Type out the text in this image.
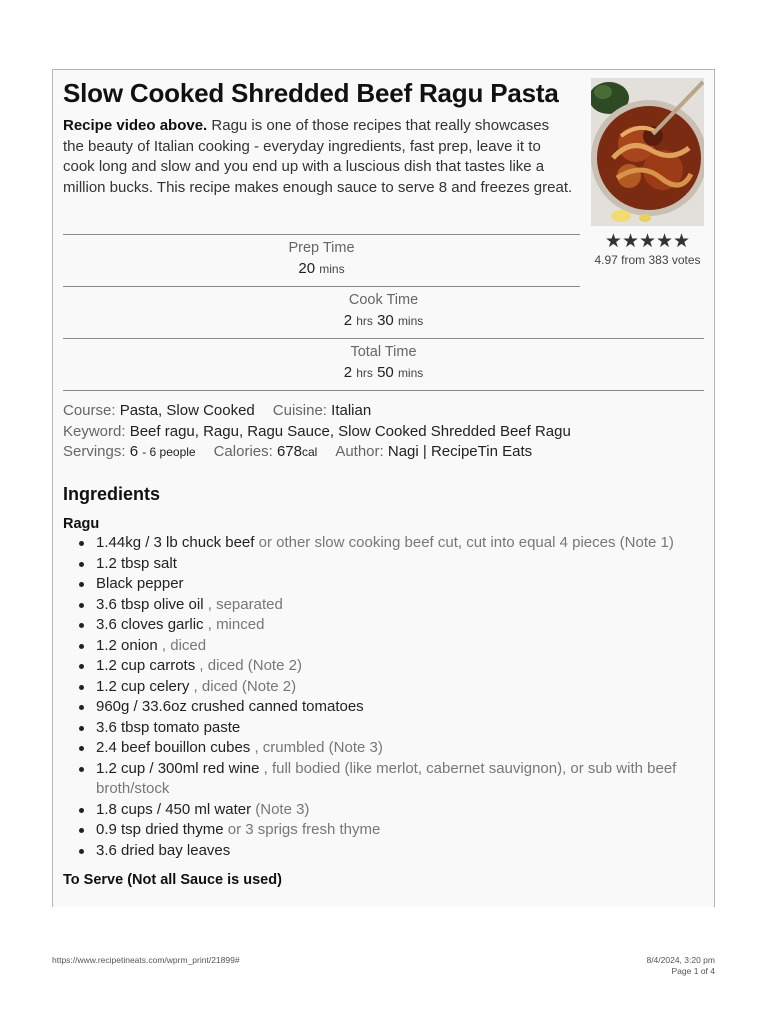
Slow Cooked Shredded Beef Ragu Pasta
Recipe video above. Ragu is one of those recipes that really showcases the beauty of Italian cooking - everyday ingredients, fast prep, leave it to cook long and slow and you end up with a luscious dish that tastes like a million bucks. This recipe makes enough sauce to serve 8 and freezes great.
★★★★★
4.97 from 383 votes
Prep Time
20 mins
Cook Time
2 hrs 30 mins
Total Time
2 hrs 50 mins
Course: Pasta, Slow Cooked Cuisine: Italian
Keyword: Beef ragu, Ragu, Ragu Sauce, Slow Cooked Shredded Beef Ragu
Servings: 6 - 6 people Calories: 678cal Author: Nagi | RecipeTin Eats
Ingredients
Ragu
1.44kg / 3 lb chuck beef or other slow cooking beef cut, cut into equal 4 pieces (Note 1)
1.2 tbsp salt
Black pepper
3.6 tbsp olive oil , separated
3.6 cloves garlic , minced
1.2 onion , diced
1.2 cup carrots , diced (Note 2)
1.2 cup celery , diced (Note 2)
960g / 33.6oz crushed canned tomatoes
3.6 tbsp tomato paste
2.4 beef bouillon cubes , crumbled (Note 3)
1.2 cup / 300ml red wine , full bodied (like merlot, cabernet sauvignon), or sub with beef broth/stock
1.8 cups / 450 ml water (Note 3)
0.9 tsp dried thyme or 3 sprigs fresh thyme
3.6 dried bay leaves
To Serve (Not all Sauce is used)
https://www.recipetineats.com/wprm_print/21899#	8/4/2024, 3:20 pm
Page 1 of 4
